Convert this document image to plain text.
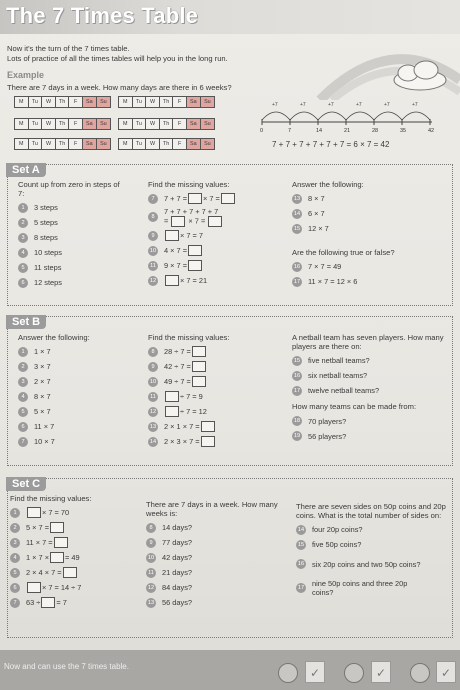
The 7 Times Table
Now it's the turn of the 7 times table.
Lots of practice of all the times tables will help you in the long run.
Example
There are 7 days in a week. How many days are there in 6 weeks?
M	Tu	W	Th	F	Sa	Su	M	Tu	W	Th	F	Sa	Su
M	Tu	W	Th	F	Sa	Su	M	Tu	W	Th	F	Sa	Su
M	Tu	W	Th	F	Sa	Su	M	Tu	W	Th	F	Sa	Su
+7
0
+7
7
+7
14
+7
21
+7
28
+7
35	42
7 + 7 + 7 + 7 + 7 + 7 = 6 × 7 = 42
Set A
Count up from zero in steps of 7:
1	3 steps
2	5 steps
3	8 steps
4	10 steps
5	11 steps
6	12 steps
Find the missing values:
7	7 + 7 = × 7 =
8
7 + 7 + 7 + 7 + 7
=  × 7 =
9	× 7 = 7
10 4 × 7 =
11 9 × 7 =
12	× 7 = 21
Answer the following:
13 8 × 7
14 6 × 7
15 12 × 7
Are the following true or false?
16 7 × 7 = 49
17 11 × 7 = 12 × 6
Set B
Answer the following:
1	1 × 7
2	3 × 7
3	2 × 7
4	8 × 7
5	5 × 7
6	11 × 7
7	10 × 7
Find the missing values:
8	28 ÷ 7 =
9	42 ÷ 7 =
10 49 ÷ 7 =
11	÷ 7 = 9
12	÷ 7 = 12
13 2 × 1 × 7 =
14 2 × 3 × 7 =
A netball team has seven players. How many players are there on:
15 five netball teams?
16 six netball teams?
17 twelve netball teams?
How many teams can be made from:
18 70 players?
19 56 players?
Set C
Find the missing values:
1	× 7 = 70
2	5 × 7 =
3	11 × 7 =
4	1 × 7 × = 49
5	2 × 4 × 7 =
6	× 7 = 14 ÷ 7
7	63 ÷ = 7
There are 7 days in a week. How many weeks is:
8	14 days?
9	77 days?
10 42 days?
11 21 days?
12 84 days?
13 56 days?
There are seven sides on 50p coins and 20p coins. What is the total number of sides on:
14 four 20p coins?
15 five 50p coins?
16 six 20p coins and two 50p coins?
17 nine 50p coins and three 20p coins?
Now and can use the 7 times table.	✓	✓	✓
